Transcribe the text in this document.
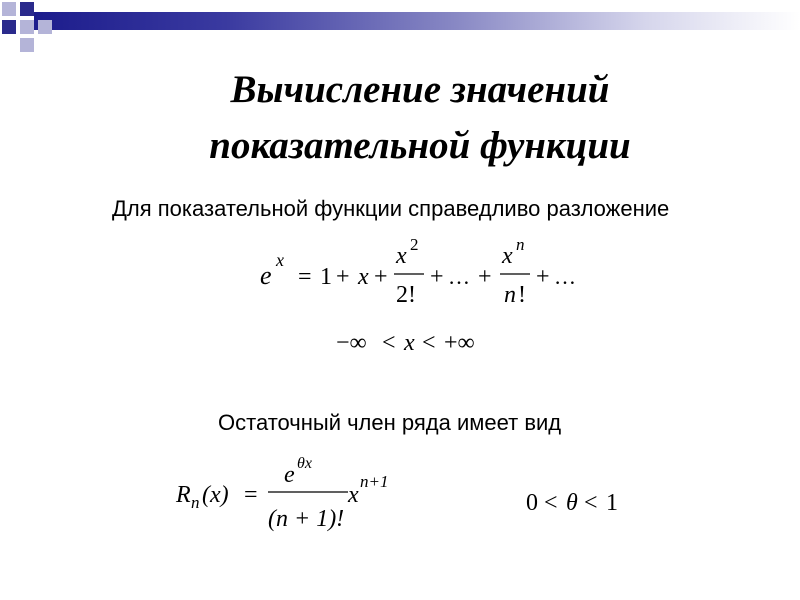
Вычисление значений
показательной функции
Для показательной функции справедливо разложение
e
x
= 1 + x +
x 2
2!
+ … +
x n
n !
+ …
−∞ < x < +∞
Остаточный член ряда имеет вид
R n (x) =
e θx
(n + 1)!
x
n+1
0 < θ < 1
